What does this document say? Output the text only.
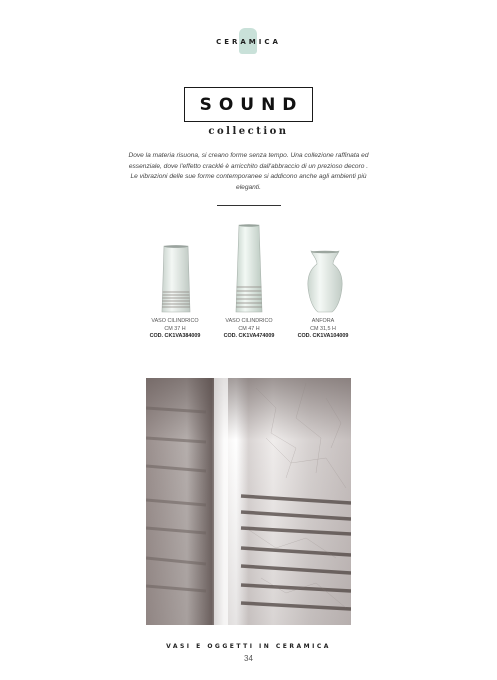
CERAMICA
SOUND
collection
Dove la materia risuona, si creano forme senza tempo. Una collezione raffinata ed
essenziale, dove l'effetto cracklé è arricchito dall'abbraccio di un prezioso decoro .
Le vibrazioni delle sue forme contemporanee si addicono anche agli ambienti più
eleganti.
VASO CILINDRICO
CM 37 H
COD. CK1VA384009
VASO CILINDRICO
CM 47 H
COD. CK1VA474009
ANFORA
CM 31,5 H
COD. CK1VA104009
VASI E OGGETTI IN CERAMICA
34
